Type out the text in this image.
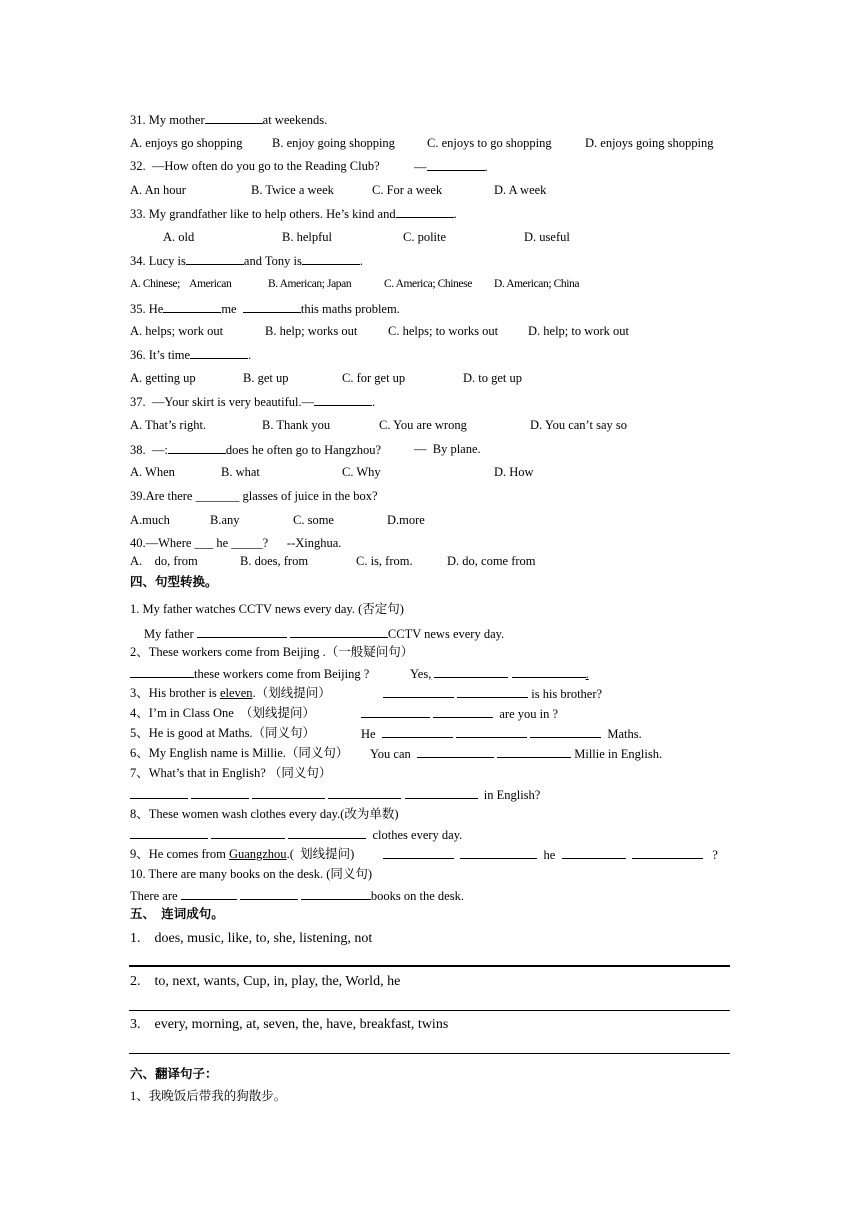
31. My mother	at weekends.
A. enjoys go shopping B. enjoy going shopping	C. enjoys to go shopping	D. enjoys going shopping
32.  —How often do you go to the Reading Club?	—	.
A. An hour	B. Twice a week	C. For a week	D. A week
33. My grandfather like to help others. He’s kind and	.
A. old	B. helpful	C. polite	D. useful
34. Lucy is	and Tony is	.
A. Chinese;    American	B. American; Japan	C. America; Chinese D. American; China
35. He	me	this maths problem.
A. helps; work out	B. help; works out C. helps; to works out D. help; to work out
36. It’s time	.
A. getting up	B. get up	C. for get up	D. to get up
37.  —Your skirt is very beautiful.—	.
A. That’s right.	B. Thank you	C. You are wrong	D. You can’t say so
38.  —:	does he often go to Hangzhou?	—  By plane.
A. When	B. what	C. Why	D. How
39.Are there _______ glasses of juice in the box?
A.much	B.any	C. some	D.more
40.—Where ___ he _____?      --Xinghua.
A.    do, from	B. does, from	C. is, from.	D. do, come from
四、句型转换。
1. My father watches CCTV news every day. (否定句)
My father	CCTV news every day.
2、These workers come from Beijing .（一般疑问句）
these workers come from Beijing ?	Yes,	.
3、His brother is eleven.（划线提问）	is his brother?
4、I’m in Class One  （划线提问）	are you in ?
5、He is good at Maths.（同义句）	He	Maths.
6、My English name is Millie.（同义句） You can	Millie in English.
7、What’s that in English? （同义句）
in English?
8、These women wash clothes every day.(改为单数)
clothes every day.
9、He comes from Guangzhou.(  划线提问)	he	?
10. There are many books on the desk. (同义句)
There are	books on the desk.
五、  连词成句。
1.    does, music, like, to, she, listening, not
2.    to, next, wants, Cup, in, play, the, World, he
3.    every, morning, at, seven, the, have, breakfast, twins
六、翻译句子：
1、我晚饭后带我的狗散步。
